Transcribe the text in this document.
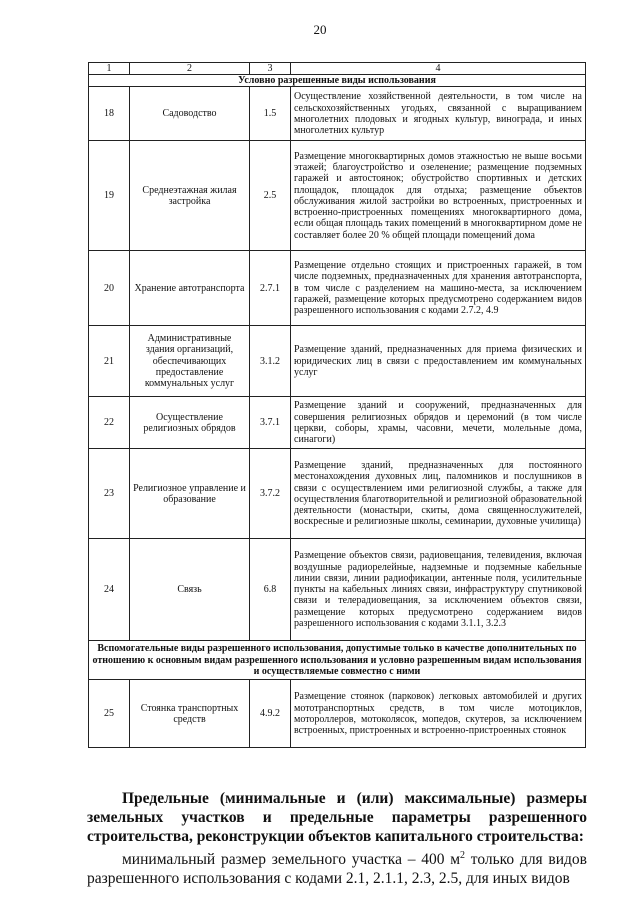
20
1	2	3	4
Условно разрешенные виды использования			
18	Садоводство	1.5	Осуществление хозяйственной деятельности, в том числе на сельскохозяйственных угодьях, связанной с выращиванием многолетних плодовых и ягодных культур, винограда, и иных многолетних культур
19	Среднеэтажная жилая застройка	2.5	Размещение многоквартирных домов этажностью не выше восьми этажей; благоустройство и озеленение; размещение подземных гаражей и автостоянок; обустройство спортивных и детских площадок, площадок для отдыха; размещение объектов обслуживания жилой застройки во встроенных, пристроенных и встроенно-пристроенных помещениях многоквартирного дома, если общая площадь таких помещений в многоквартирном доме не составляет более 20 % общей площади помещений дома
20	Хранение автотранспорта	2.7.1	Размещение отдельно стоящих и пристроенных гаражей, в том числе подземных, предназначенных для хранения автотранспорта, в том числе с разделением на машино-места, за исключением гаражей, размещение которых предусмотрено содержанием видов разрешенного использования с кодами 2.7.2, 4.9
21	Административные здания организаций, обеспечивающих предоставление коммунальных услуг	3.1.2	Размещение зданий, предназначенных для приема физических и юридических лиц в связи с предоставлением им коммунальных услуг
22	Осуществление религиозных обрядов	3.7.1	Размещение зданий и сооружений, предназначенных для совершения религиозных обрядов и церемоний (в том числе церкви, соборы, храмы, часовни, мечети, молельные дома, синагоги)
23	Религиозное управление и образование	3.7.2	Размещение зданий, предназначенных для постоянного местонахождения духовных лиц, паломников и послушников в связи с осуществлением ими религиозной службы, а также для осуществления благотворительной и религиозной образовательной деятельности (монастыри, скиты, дома священнослужителей, воскресные и религиозные школы, семинарии, духовные училища)
24	Связь	6.8	Размещение объектов связи, радиовещания, телевидения, включая воздушные радиорелейные, надземные и подземные кабельные линии связи, линии радиофикации, антенные поля, усилительные пункты на кабельных линиях связи, инфраструктуру спутниковой связи и телерадиовещания, за исключением объектов связи, размещение которых предусмотрено содержанием видов разрешенного использования с кодами 3.1.1, 3.2.3
Вспомогательные виды разрешенного использования, допустимые только в качестве дополнительных по отношению к основным видам разрешенного использования и условно разрешенным видам использования и осуществляемые совместно с ними			
25	Стоянка транспортных средств	4.9.2	Размещение стоянок (парковок) легковых автомобилей и других мототранспортных средств, в том числе мотоциклов, мотороллеров, мотоколясок, мопедов, скутеров, за исключением встроенных, пристроенных и встроенно-пристроенных стоянок

Предельные (минимальные и (или) максимальные) размеры земельных участков и предельные параметры разрешенного строительства, реконструкции объектов капитального строительства:

минимальный размер земельного участка – 400 $м^2$ только для видов разрешенного использования с кодами 2.1, 2.1.1, 2.3, 2.5, для иных видов
